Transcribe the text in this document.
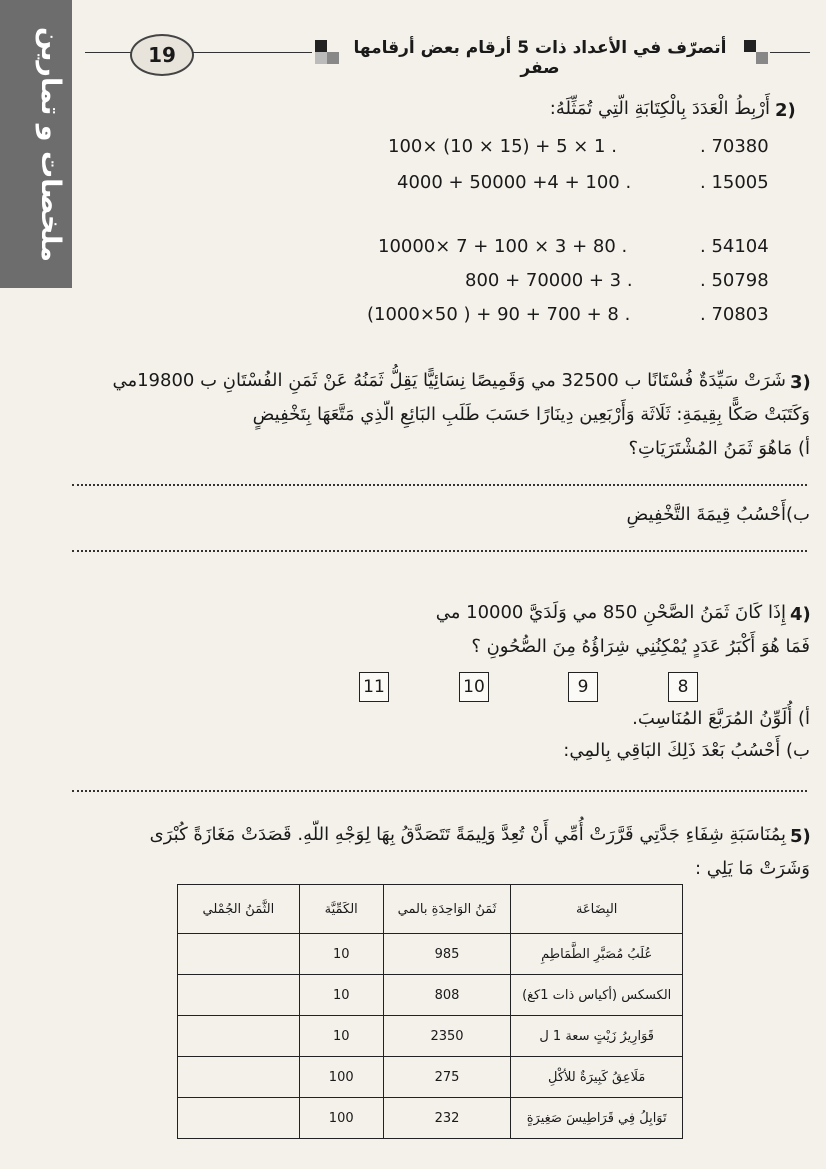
ملخصات و تمارين	19	أتصرّف في الأعداد ذات 5 أرقام بعض أرقامها صفر
2)
أَرْبِطُ الْعَدَدَ بِالْكِتَابَةِ الّتِي تُمَثِّلَهُ:
100× (10 × 15) + 5 × 1 .	. 70380
4000 + 50000 +4 + 100 .	. 15005
10000× 7 + 100 × 3 + 80 .	. 54104
800 + 70000 + 3 .	. 50798
(1000×50 ) + 90 + 700 + 8 .	. 70803
3)
شَرَتْ سَيِّدَةٌ فُسْتَانًا ب 32500 مي وَقَمِيصًا نِسَائِيًّا يَقِلُّ ثَمَنُهُ عَنْ ثَمَنِ الفُسْتَانِ ب 19800مي
وَكَتَبَتْ صَكًّا بِقِيمَةِ: ثَلَاثَة وَأَرْبَعِين دِينَارًا حَسَبَ طَلَبِ البَائِعِ الّذِي مَتَّعَهَا بِتَخْفِيضٍ
أ) مَاهُوَ ثَمَنُ المُشْتَرَيَاتِ؟
ب)أَحْسُبُ قِيمَةَ التَّخْفِيضِ
4)
إِذَا كَانَ ثَمَنُ الصَّحْنِ 850 مي وَلَدَيَّ 10000 مي
فَمَا هُوَ أَكْبَرُ عَدَدٍ يُمْكِنُنِي شِرَاؤُهُ مِنَ الصُّحُونِ ؟
11	10	9	8
أ) أُلَوِّنُ المُرَبَّعَ المُنَاسِبَ.
ب) أَحْسُبُ بَعْدَ ذَلِكَ البَاقِي بِالمِي:
5)
بِمُنَاسَبَةِ شِفَاءِ جَدَّتِي قَرَّرَتْ أُمِّي أَنْ تُعِدَّ وَلِيمَةً تَتَصَدَّقُ بِهَا لِوَجْهِ اللّهِ. قَصَدَتْ مَغَازَةً كُبْرَى
وَشَرَتْ مَا يَلِي :
البِضَاعَة	ثَمَنُ الوَاحِدَةِ بالمي	الكَمِّيَّة	الثَّمَنُ الجُمْلي
عُلَبُ مُصَبَّرِ الطَّمَاطِمِ	985	10	
الكسكس (أكياس ذات 1كغ)	808	10	
قَوَارِيرُ زَيْتٍ سعة 1 ل	2350	10	
مَلَاعِقُ كَبِيرَةٌ للأكْلِ	275	100	
تَوَابِلُ فِي قَرَاطِيسَ صَغِيرَةٍ	232	100	
